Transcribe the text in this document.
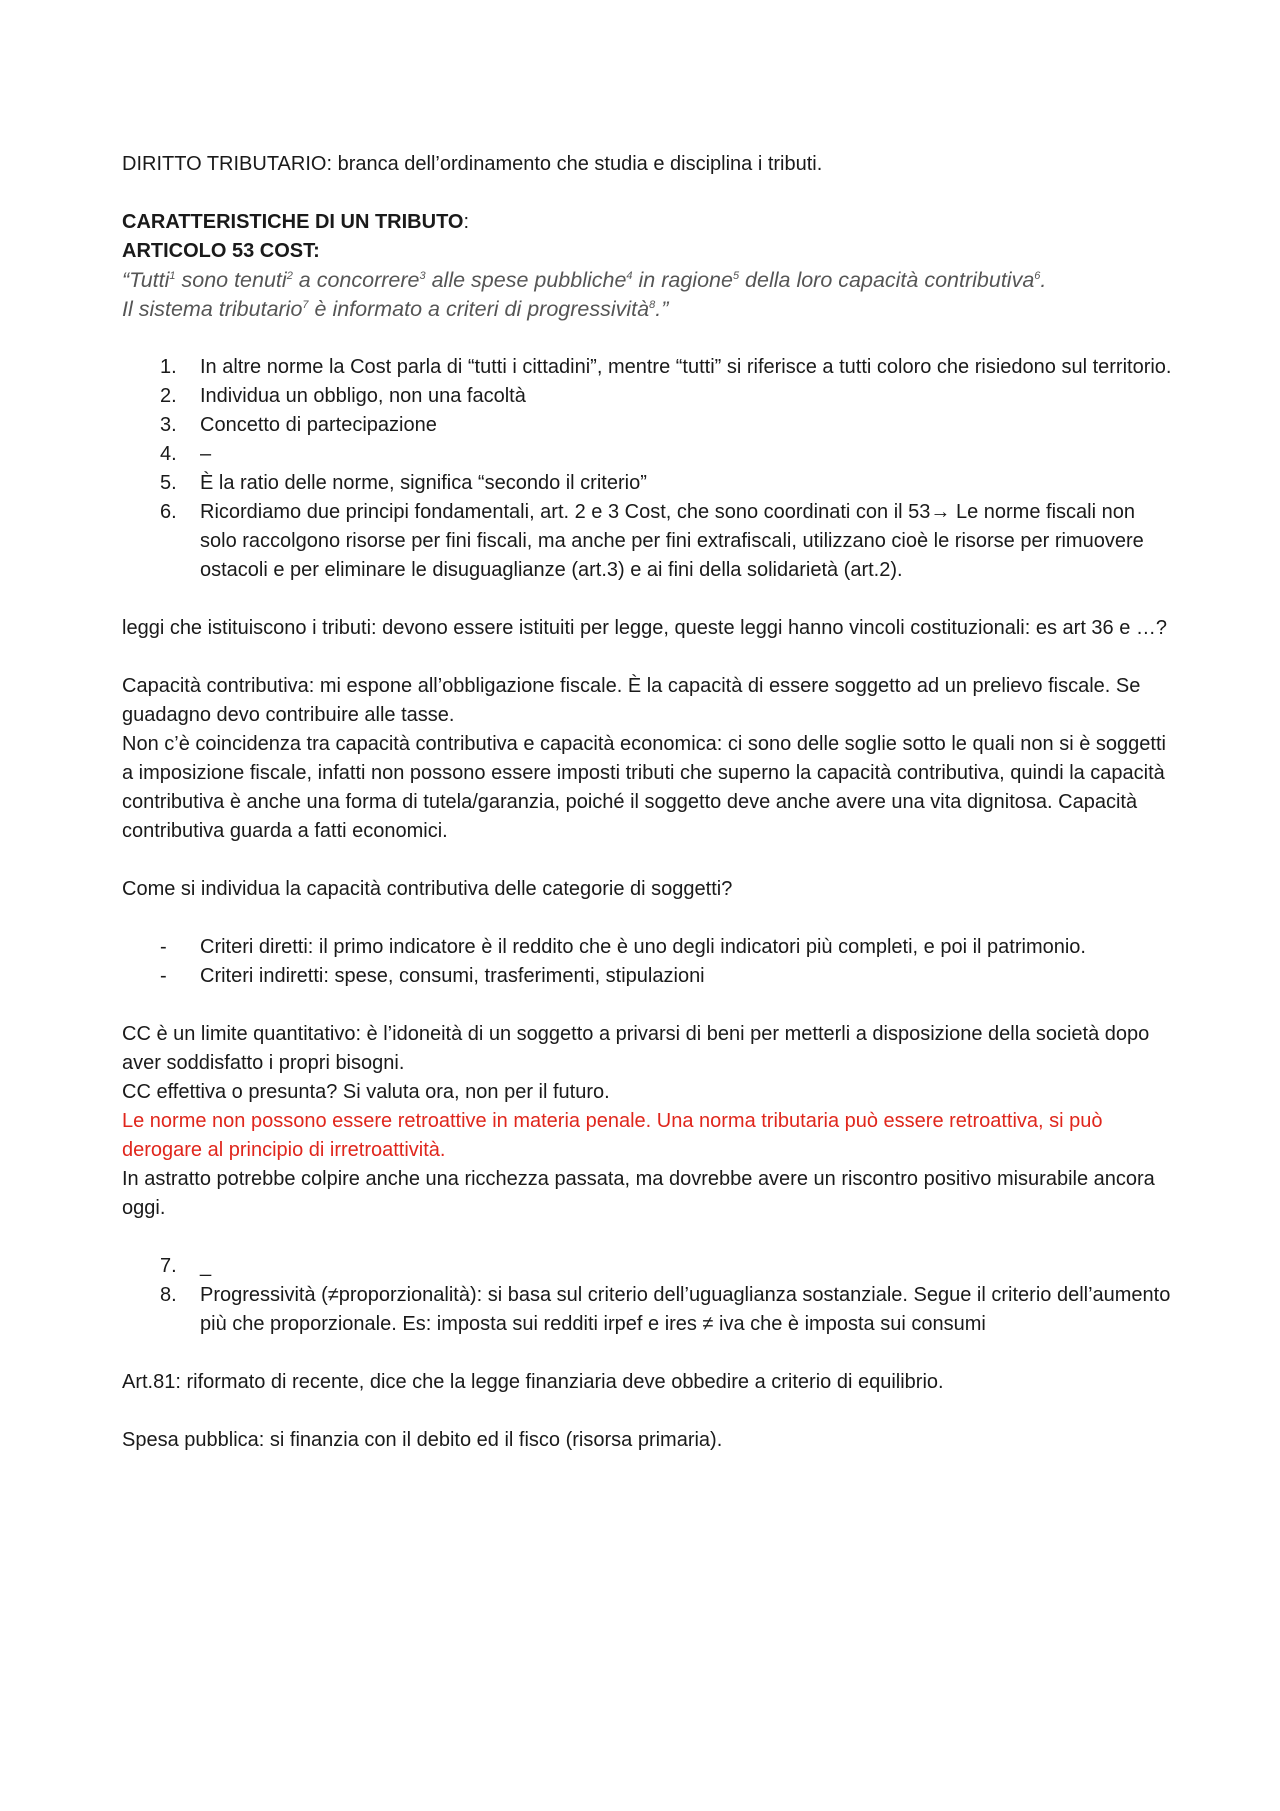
DIRITTO TRIBUTARIO: branca dell’ordinamento che studia e disciplina i tributi.

CARATTERISTICHE DI UN TRIBUTO:

ARTICOLO 53 COST:

“Tutti$^1$ sono tenuti$^2$ a concorrere$^3$ alle spese pubbliche$^4$ in ragione$^5$ della loro capacità contributiva$^6$.

Il sistema tributario$^7$ è informato a criteri di progressività$^8$.”

1.	In altre norme la Cost parla di “tutti i cittadini”, mentre “tutti” si riferisce a tutti coloro che risiedono sul territorio.
2.	Individua un obbligo, non una facoltà
3.	Concetto di partecipazione
4.	–
5.	È la ratio delle norme, significa “secondo il criterio”
6.	Ricordiamo due principi fondamentali, art. 2 e 3 Cost, che sono coordinati con il 53→ Le norme fiscali non solo raccolgono risorse per fini fiscali, ma anche per fini extrafiscali, utilizzano cioè le risorse per rimuovere ostacoli e per eliminare le disuguaglianze (art.3) e ai fini della solidarietà (art.2).

leggi che istituiscono i tributi: devono essere istituiti per legge, queste leggi hanno vincoli costituzionali: es art 36 e …?

Capacità contributiva: mi espone all’obbligazione fiscale. È la capacità di essere soggetto ad un prelievo fiscale. Se guadagno devo contribuire alle tasse.

Non c’è coincidenza tra capacità contributiva e capacità economica: ci sono delle soglie sotto le quali non si è soggetti a imposizione fiscale, infatti non possono essere imposti tributi che superno la capacità contributiva, quindi la capacità contributiva è anche una forma di tutela/garanzia, poiché il soggetto deve anche avere una vita dignitosa. Capacità contributiva guarda a fatti economici.

Come si individua la capacità contributiva delle categorie di soggetti?

-	Criteri diretti: il primo indicatore è il reddito che è uno degli indicatori più completi, e poi il patrimonio.
-	Criteri indiretti: spese, consumi, trasferimenti, stipulazioni

CC è un limite quantitativo: è l’idoneità di un soggetto a privarsi di beni per metterli a disposizione della società dopo aver soddisfatto i propri bisogni.

CC effettiva o presunta? Si valuta ora, non per il futuro.

Le norme non possono essere retroattive in materia penale. Una norma tributaria può essere retroattiva, si può derogare al principio di irretroattività.

In astratto potrebbe colpire anche una ricchezza passata, ma dovrebbe avere un riscontro positivo misurabile ancora oggi.

7.	_
8.	Progressività (≠proporzionalità): si basa sul criterio dell’uguaglianza sostanziale. Segue il criterio dell’aumento più che proporzionale. Es: imposta sui redditi irpef e ires ≠ iva che è imposta sui consumi

Art.81: riformato di recente, dice che la legge finanziaria deve obbedire a criterio di equilibrio.

Spesa pubblica: si finanzia con il debito ed il fisco (risorsa primaria).
